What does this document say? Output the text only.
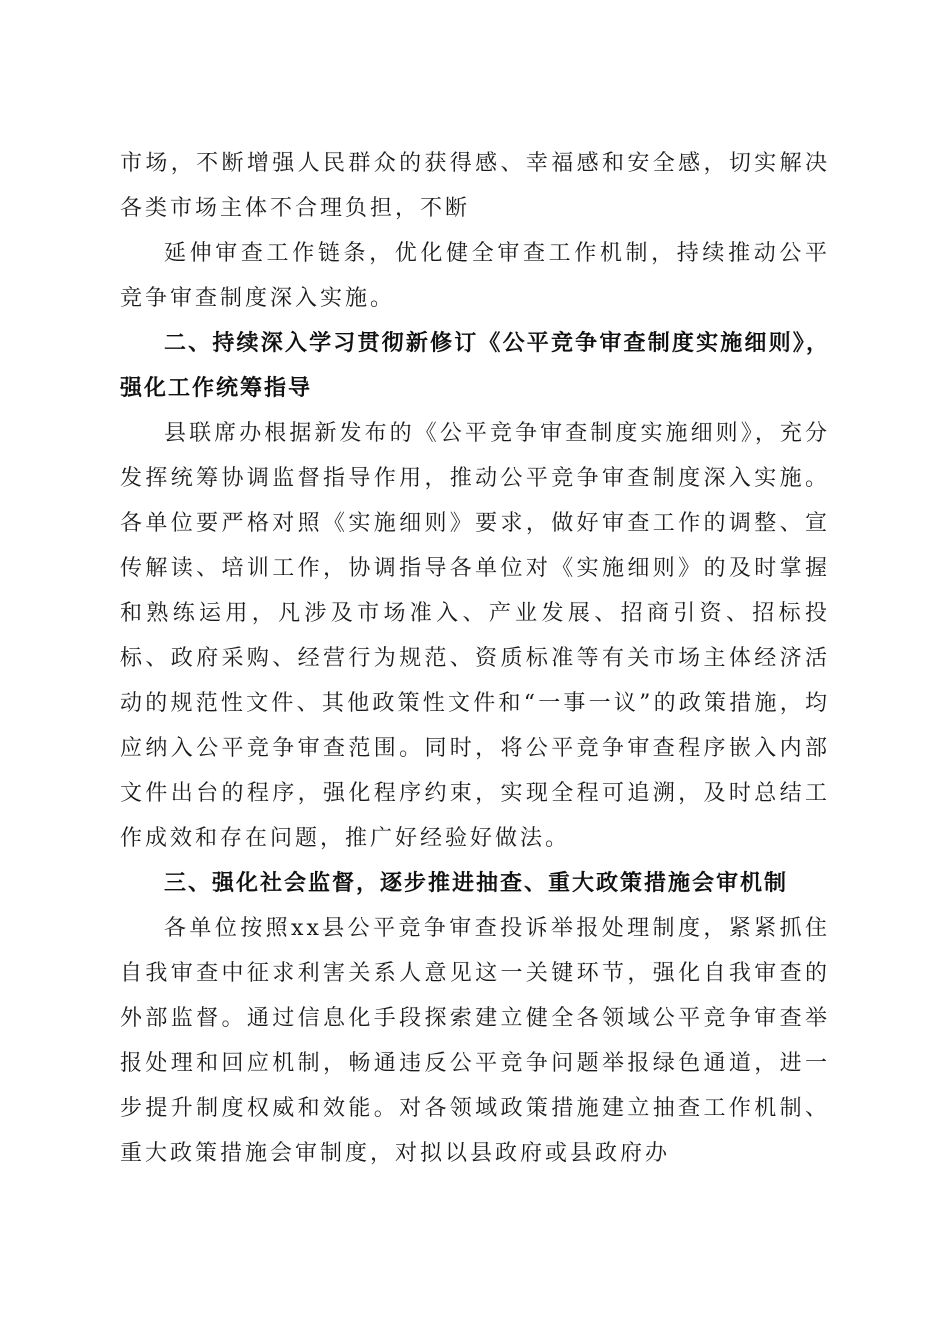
市场，不断增强人民群众的获得感、幸福感和安全感，切实解决各类市场主体不合理负担，不断

延伸审查工作链条，优化健全审查工作机制，持续推动公平竞争审查制度深入实施。

二、持续深入学习贯彻新修订《公平竞争审查制度实施细则》，强化工作统筹指导

县联席办根据新发布的《公平竞争审查制度实施细则》，充分发挥统筹协调监督指导作用，推动公平竞争审查制度深入实施。各单位要严格对照《实施细则》要求，做好审查工作的调整、宣传解读、培训工作，协调指导各单位对《实施细则》的及时掌握和熟练运用，凡涉及市场准入、产业发展、招商引资、招标投标、政府采购、经营行为规范、资质标准等有关市场主体经济活动的规范性文件、其他政策性文件和“一事一议”的政策措施，均应纳入公平竞争审查范围。同时，将公平竞争审查程序嵌入内部文件出台的程序，强化程序约束，实现全程可追溯，及时总结工作成效和存在问题，推广好经验好做法。

三、强化社会监督，逐步推进抽查、重大政策措施会审机制

各单位按照xx县公平竞争审查投诉举报处理制度，紧紧抓住自我审查中征求利害关系人意见这一关键环节，强化自我审查的外部监督。通过信息化手段探索建立健全各领域公平竞争审查举报处理和回应机制，畅通违反公平竞争问题举报绿色通道，进一步提升制度权威和效能。对各领域政策措施建立抽查工作机制、重大政策措施会审制度，对拟以县政府或县政府办
